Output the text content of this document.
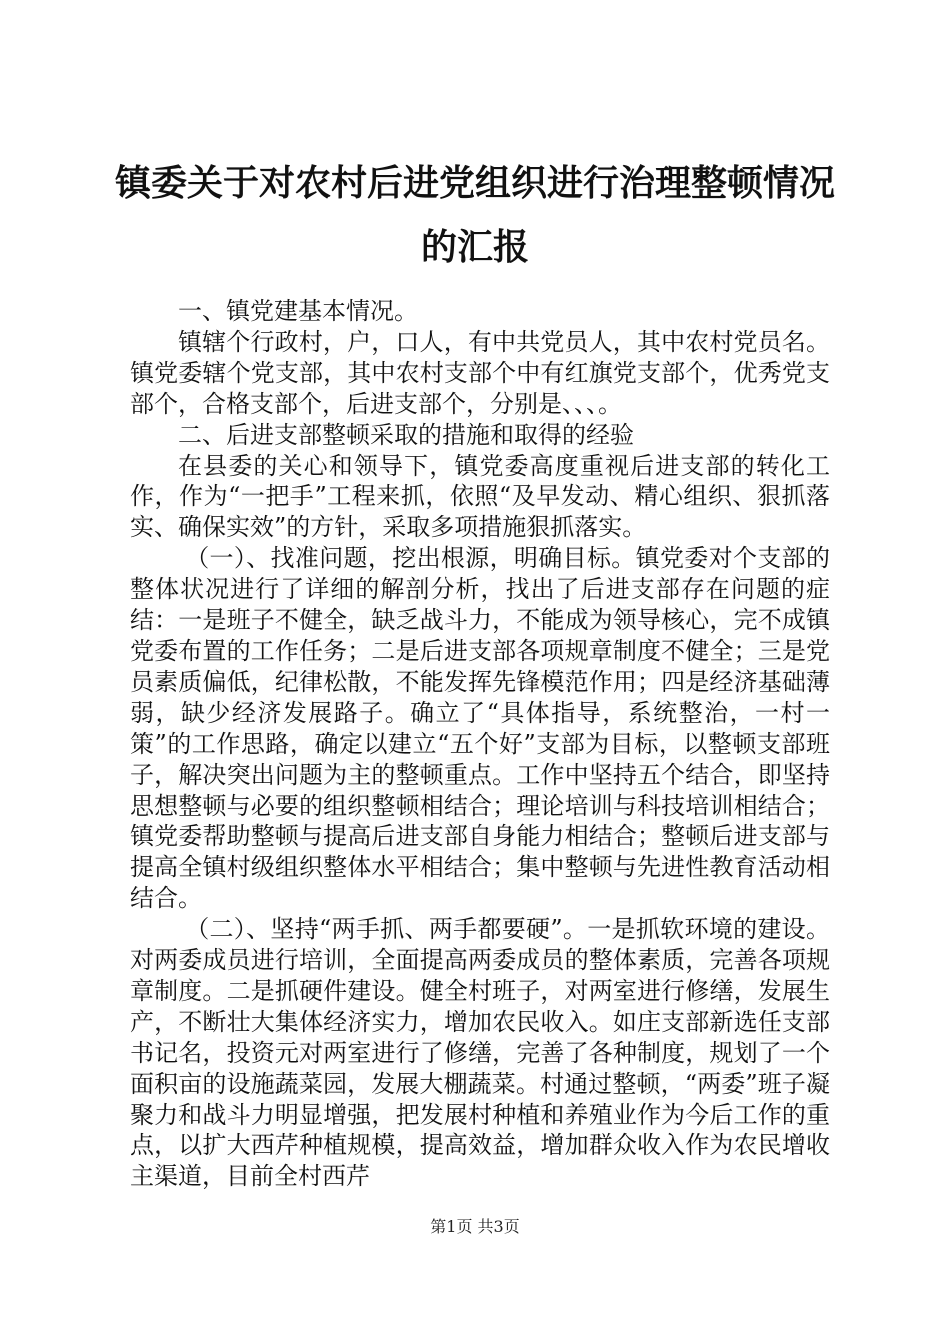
镇委关于对农村后进党组织进行治理整顿情况
的汇报

一、镇党建基本情况。

镇辖个行政村，户，口人，有中共党员人，其中农村党员名。镇党委辖个党支部，其中农村支部个中有红旗党支部个，优秀党支部个，合格支部个，后进支部个，分别是、、、。

二、后进支部整顿采取的措施和取得的经验

在县委的关心和领导下，镇党委高度重视后进支部的转化工作，作为“一把手”工程来抓，依照“及早发动、精心组织、狠抓落实、确保实效”的方针，采取多项措施狠抓落实。

（一）、找准问题，挖出根源，明确目标。镇党委对个支部的整体状况进行了详细的解剖分析，找出了后进支部存在问题的症结：一是班子不健全，缺乏战斗力，不能成为领导核心，完不成镇党委布置的工作任务；二是后进支部各项规章制度不健全；三是党员素质偏低，纪律松散，不能发挥先锋模范作用；四是经济基础薄弱，缺少经济发展路子。确立了“具体指导，系统整治，一村一策”的工作思路，确定以建立“五个好”支部为目标，以整顿支部班子，解决突出问题为主的整顿重点。工作中坚持五个结合，即坚持思想整顿与必要的组织整顿相结合；理论培训与科技培训相结合；镇党委帮助整顿与提高后进支部自身能力相结合；整顿后进支部与提高全镇村级组织整体水平相结合；集中整顿与先进性教育活动相结合。

（二）、坚持“两手抓、两手都要硬”。一是抓软环境的建设。对两委成员进行培训，全面提高两委成员的整体素质，完善各项规章制度。二是抓硬件建设。健全村班子，对两室进行修缮，发展生产，不断壮大集体经济实力，增加农民收入。如庄支部新选任支部书记名，投资元对两室进行了修缮，完善了各种制度，规划了一个面积亩的设施蔬菜园，发展大棚蔬菜。村通过整顿，“两委”班子凝聚力和战斗力明显增强，把发展村种植和养殖业作为今后工作的重点，以扩大西芹种植规模，提高效益，增加群众收入作为农民增收主渠道，目前全村西芹

第1页 共3页
